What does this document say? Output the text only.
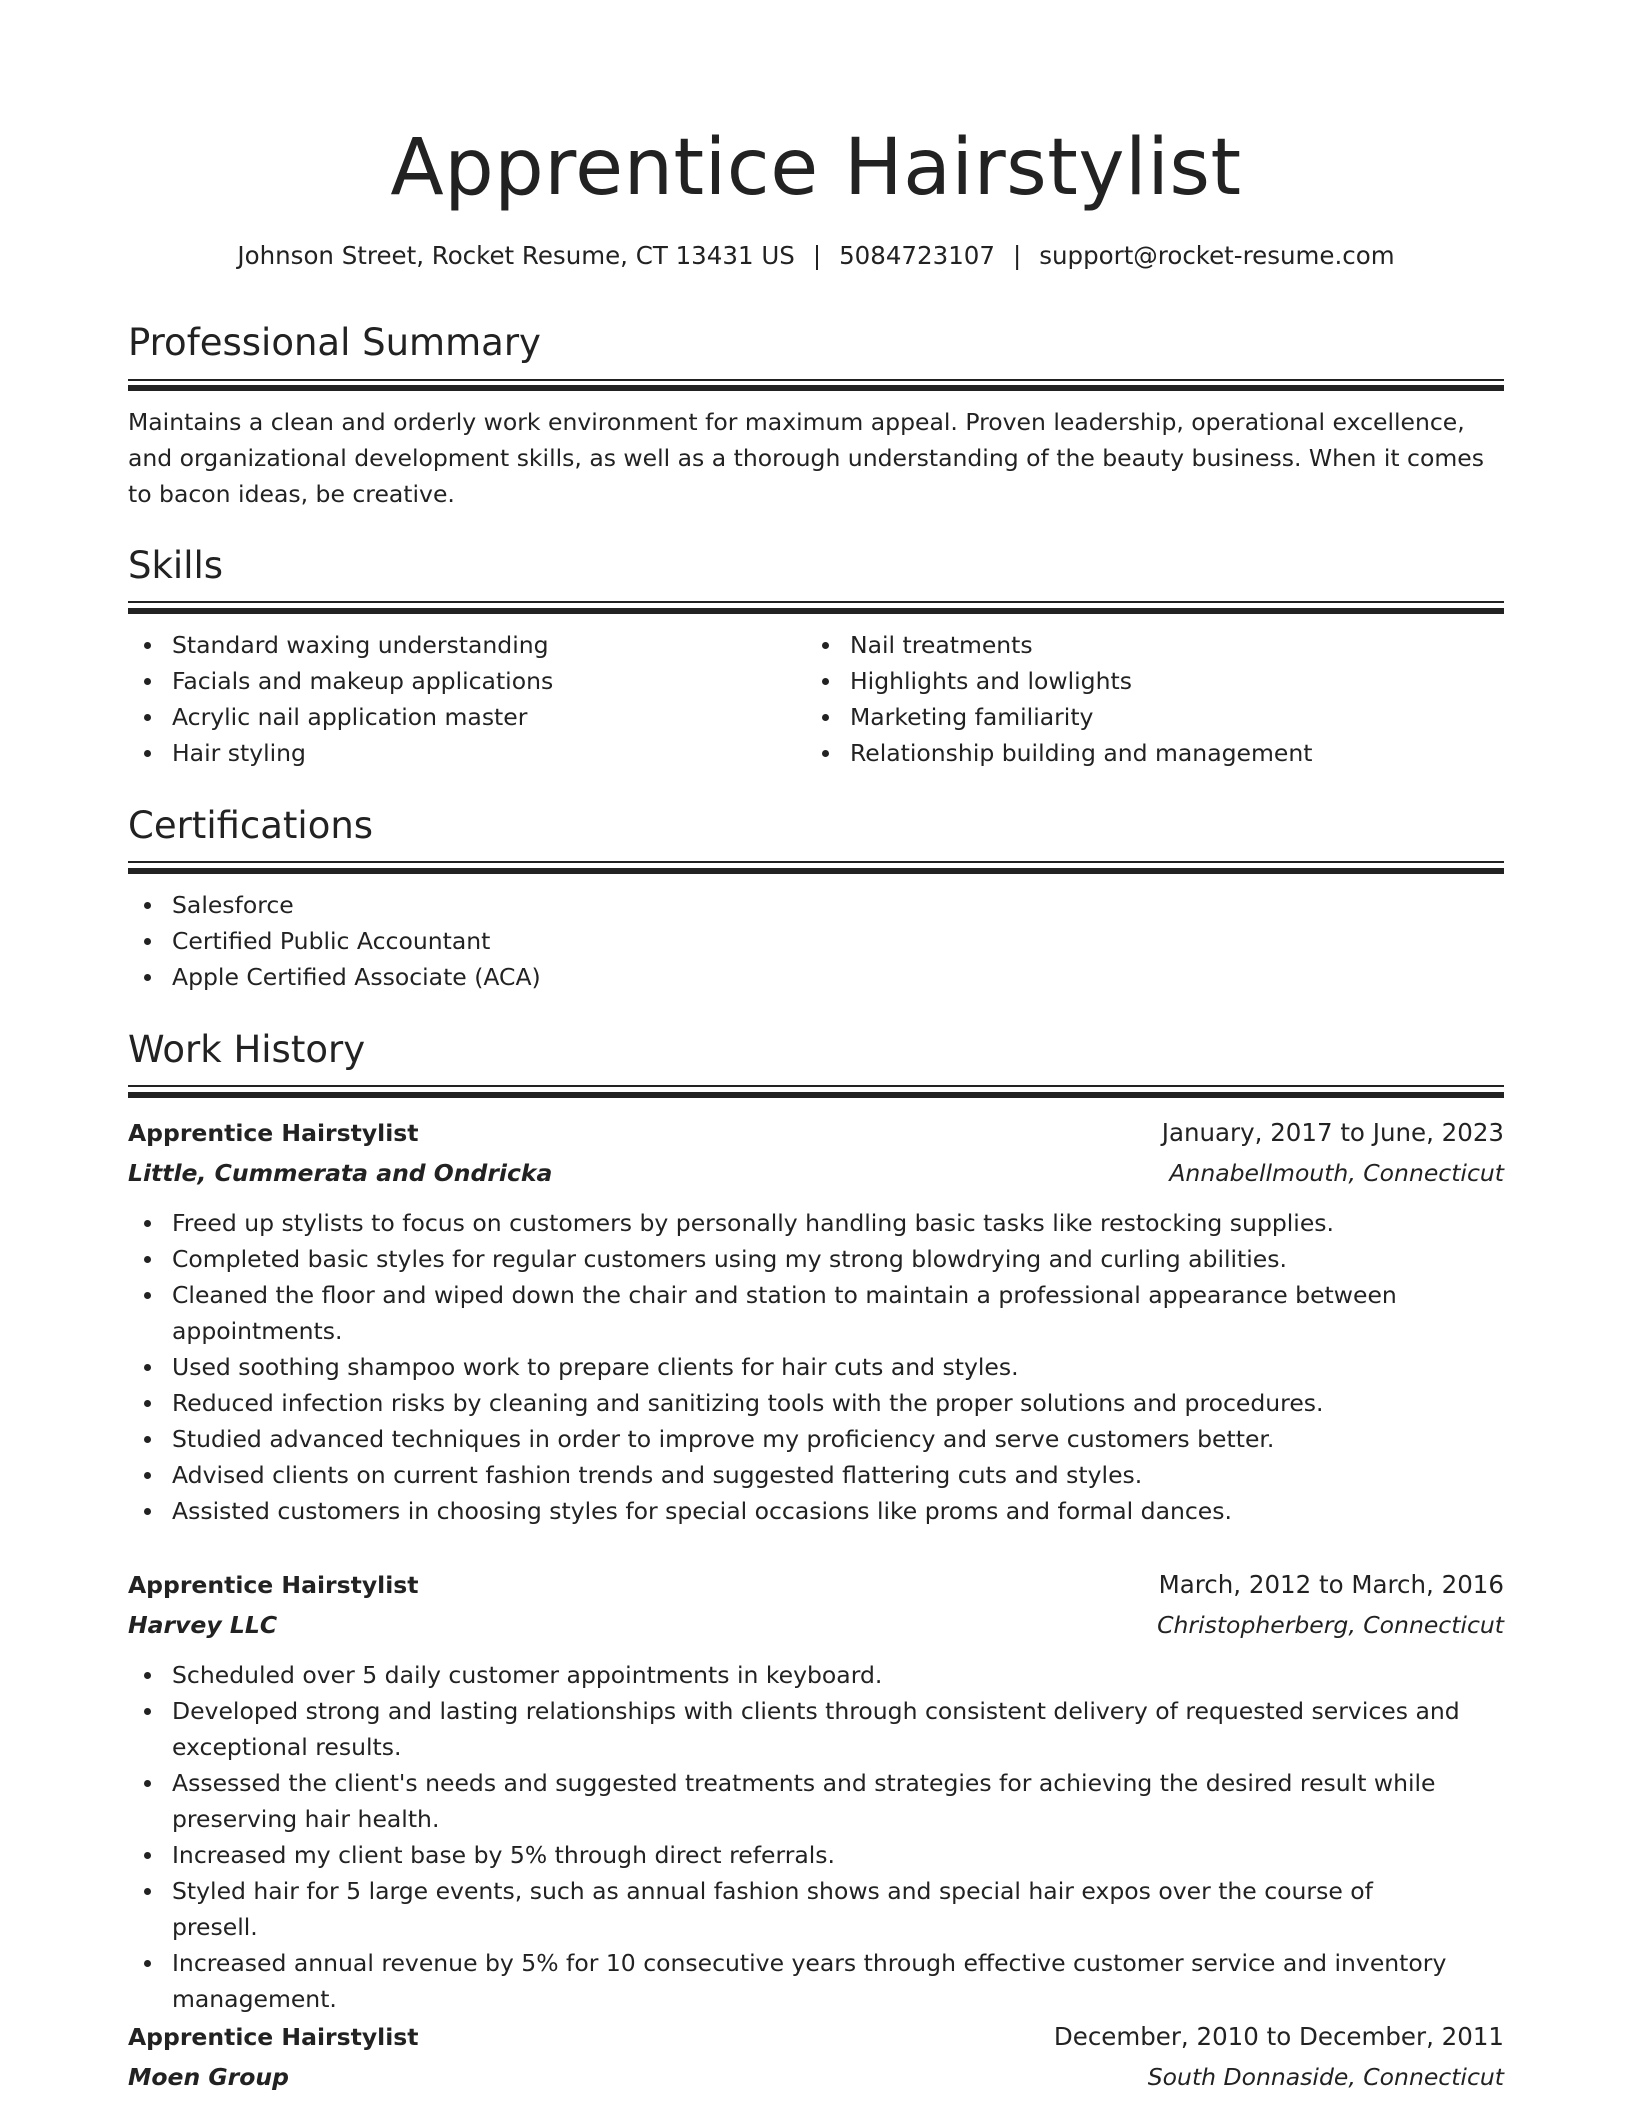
Apprentice Hairstylist
Johnson Street, Rocket Resume, CT 13431 US | 5084723107 | support@rocket-resume.com
Professional Summary

Maintains a clean and orderly work environment for maximum appeal. Proven leadership, operational excellence, and organizational development skills, as well as a thorough understanding of the beauty business. When it comes to bacon ideas, be creative.

Skills
Standard waxing understanding
Facials and makeup applications
Acrylic nail application master
Hair styling
Nail treatments
Highlights and lowlights
Marketing familiarity
Relationship building and management
Certifications
Salesforce
Certified Public Accountant
Apple Certified Associate (ACA)
Work History
Apprentice Hairstylist	January, 2017 to June, 2023
Little, Cummerata and Ondricka	Annabellmouth, Connecticut
Freed up stylists to focus on customers by personally handling basic tasks like restocking supplies.
Completed basic styles for regular customers using my strong blowdrying and curling abilities.
Cleaned the floor and wiped down the chair and station to maintain a professional appearance between appointments.
Used soothing shampoo work to prepare clients for hair cuts and styles.
Reduced infection risks by cleaning and sanitizing tools with the proper solutions and procedures.
Studied advanced techniques in order to improve my proficiency and serve customers better.
Advised clients on current fashion trends and suggested flattering cuts and styles.
Assisted customers in choosing styles for special occasions like proms and formal dances.
Apprentice Hairstylist	March, 2012 to March, 2016
Harvey LLC	Christopherberg, Connecticut
Scheduled over 5 daily customer appointments in keyboard.
Developed strong and lasting relationships with clients through consistent delivery of requested services and exceptional results.
Assessed the client's needs and suggested treatments and strategies for achieving the desired result while preserving hair health.
Increased my client base by 5% through direct referrals.
Styled hair for 5 large events, such as annual fashion shows and special hair expos over the course of presell.
Increased annual revenue by 5% for 10 consecutive years through effective customer service and inventory management.
Apprentice Hairstylist	December, 2010 to December, 2011
Moen Group	South Donnaside, Connecticut
